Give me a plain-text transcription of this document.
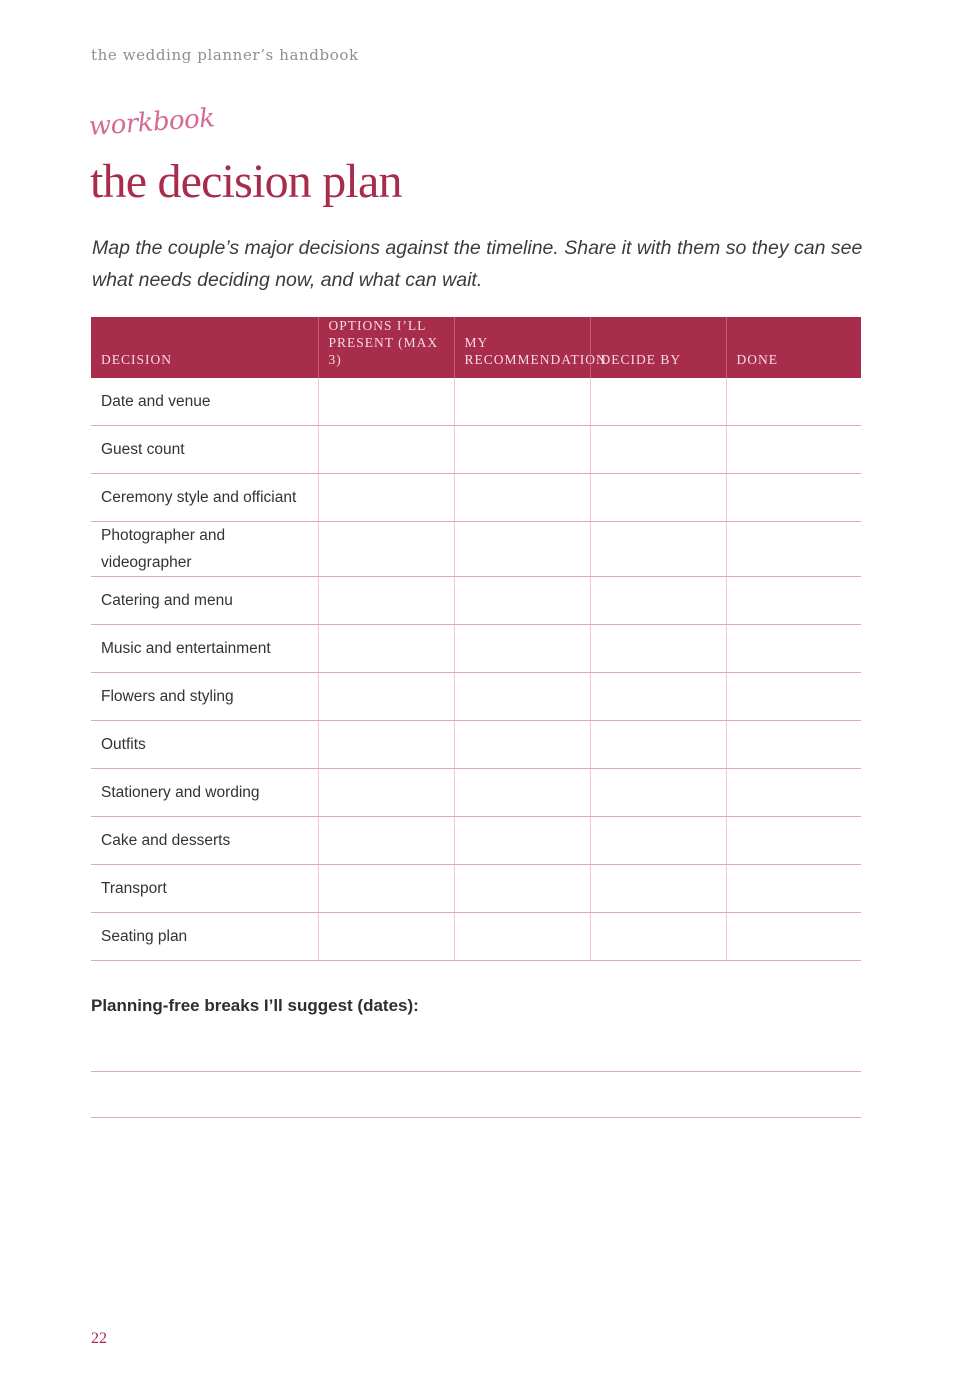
the wedding planner’s handbook
workbook
the decision plan

Map the couple’s major decisions against the timeline. Share it with them so they can see what needs deciding now, and what can wait.

DECISION	OPTIONS I’LL PRESENT (MAX 3)	MY RECOMMENDATION	DECIDE BY	DONE
Date and venue				
Guest count				
Ceremony style and officiant				
Photographer and videographer				
Catering and menu				
Music and entertainment				
Flowers and styling				
Outfits				
Stationery and wording				
Cake and desserts				
Transport				
Seating plan				
Planning-free breaks I’ll suggest (dates):
22
